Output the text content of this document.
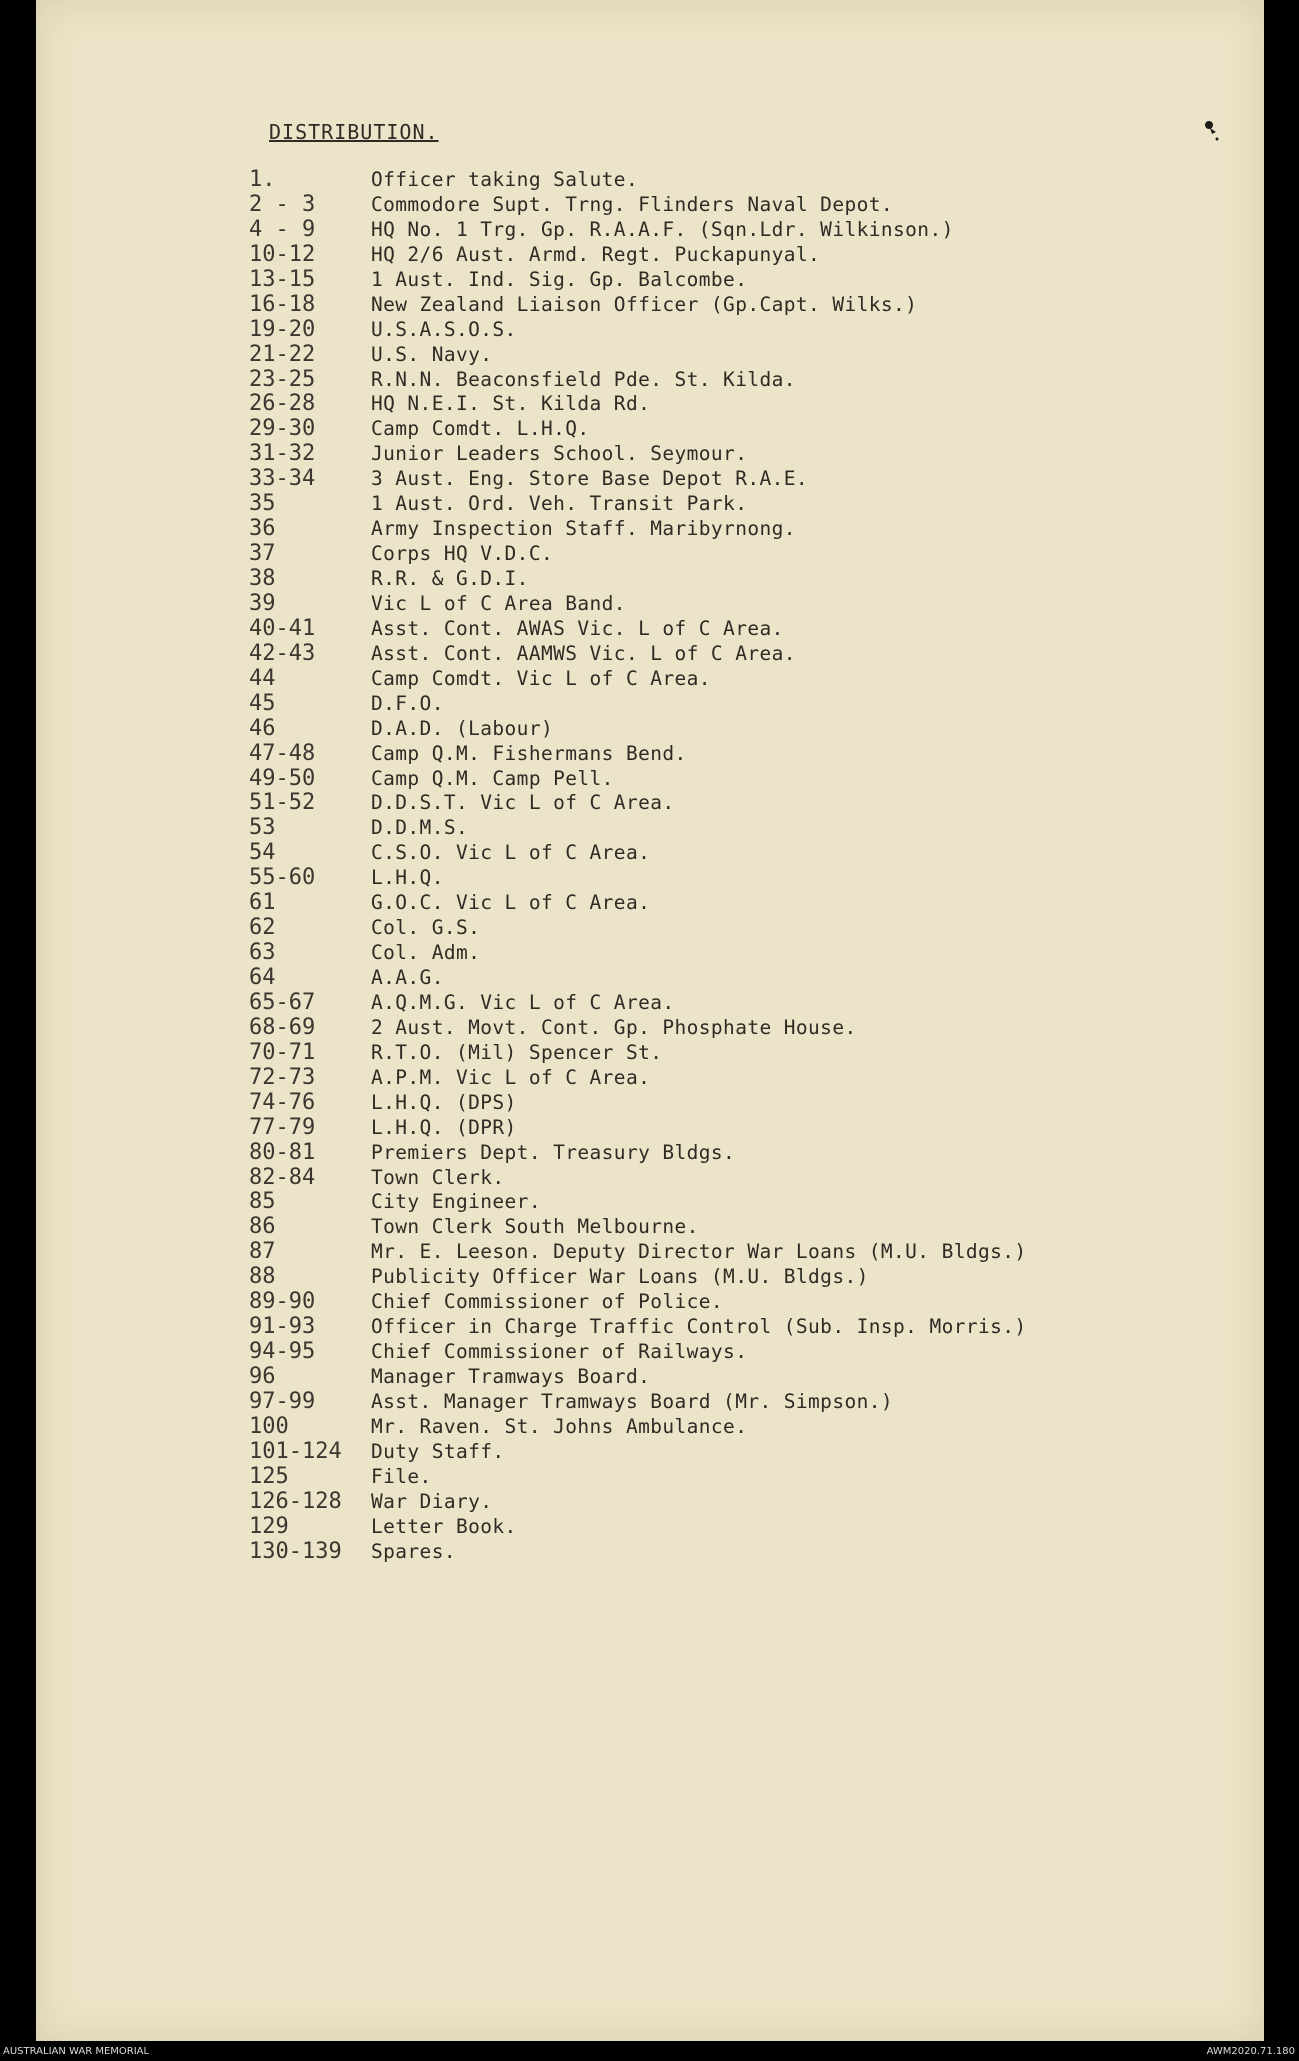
DISTRIBUTION.
1.	Officer taking Salute.
2 - 3	Commodore Supt. Trng. Flinders Naval Depot.
4 - 9	HQ No. 1 Trg. Gp. R.A.A.F. (Sqn.Ldr. Wilkinson.)
10-12	HQ 2/6 Aust. Armd. Regt. Puckapunyal.
13-15	1 Aust. Ind. Sig. Gp. Balcombe.
16-18	New Zealand Liaison Officer (Gp.Capt. Wilks.)
19-20	U.S.A.S.O.S.
21-22	U.S. Navy.
23-25	R.N.N. Beaconsfield Pde. St. Kilda.
26-28	HQ N.E.I. St. Kilda Rd.
29-30	Camp Comdt. L.H.Q.
31-32	Junior Leaders School. Seymour.
33-34	3 Aust. Eng. Store Base Depot R.A.E.
35	1 Aust. Ord. Veh. Transit Park.
36	Army Inspection Staff. Maribyrnong.
37	Corps HQ V.D.C.
38	R.R. & G.D.I.
39	Vic L of C Area Band.
40-41	Asst. Cont. AWAS Vic. L of C Area.
42-43	Asst. Cont. AAMWS Vic. L of C Area.
44	Camp Comdt. Vic L of C Area.
45	D.F.O.
46	D.A.D. (Labour)
47-48	Camp Q.M. Fishermans Bend.
49-50	Camp Q.M. Camp Pell.
51-52	D.D.S.T. Vic L of C Area.
53	D.D.M.S.
54	C.S.O. Vic L of C Area.
55-60	L.H.Q.
61	G.O.C. Vic L of C Area.
62	Col. G.S.
63	Col. Adm.
64	A.A.G.
65-67	A.Q.M.G. Vic L of C Area.
68-69	2 Aust. Movt. Cont. Gp. Phosphate House.
70-71	R.T.O. (Mil) Spencer St.
72-73	A.P.M. Vic L of C Area.
74-76	L.H.Q. (DPS)
77-79	L.H.Q. (DPR)
80-81	Premiers Dept. Treasury Bldgs.
82-84	Town Clerk.
85	City Engineer.
86	Town Clerk South Melbourne.
87	Mr. E. Leeson. Deputy Director War Loans (M.U. Bldgs.)
88	Publicity Officer War Loans (M.U. Bldgs.)
89-90	Chief Commissioner of Police.
91-93	Officer in Charge Traffic Control (Sub. Insp. Morris.)
94-95	Chief Commissioner of Railways.
96	Manager Tramways Board.
97-99	Asst. Manager Tramways Board (Mr. Simpson.)
100	Mr. Raven. St. Johns Ambulance.
101-124	Duty Staff.
125	File.
126-128	War Diary.
129	Letter Book.
130-139	Spares.
AUSTRALIAN WAR MEMORIAL	AWM2020.71.180
